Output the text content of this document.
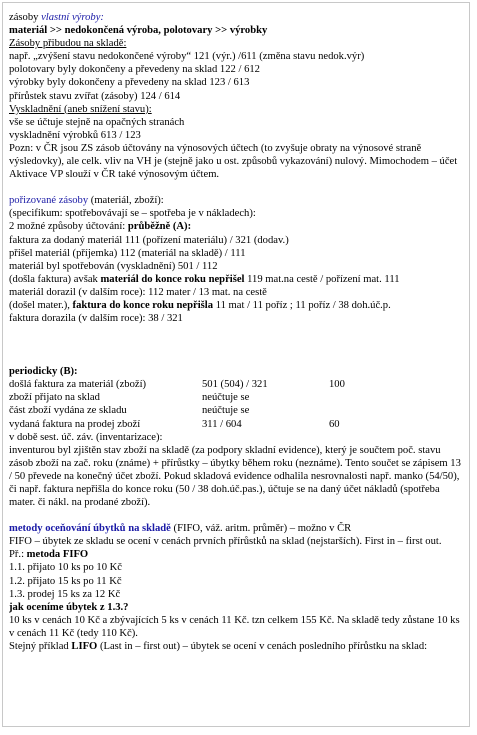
zásoby vlastní výroby:
materiál >> nedokončená výroba, polotovary >> výrobky
Zásoby přibudou na skladě:
např. „zvýšení stavu nedokončené výroby“ 121 (výr.) /611 (změna stavu nedok.výr)
polotovary byly dokončeny a převedeny na sklad 122 / 612
výrobky byly dokončeny a převedeny na sklad 123 / 613
přírůstek stavu zvířat (zásoby) 124 / 614
Vyskladnění (aneb snížení stavu):
vše se účtuje stejně na opačných stranách
vyskladnění výrobků 613 / 123
Pozn: v ČR jsou ZS zásob účtovány na výnosových účtech (to zvyšuje obraty na výnosové straně výsledovky), ale celk. vliv na VH je (stejně jako u ost. způsobů vykazování) nulový. Mimochodem – účet Aktivace VP slouží v ČR také výnosovým účtem.
pořizované zásoby (materiál, zboží):
(specifikum: spotřebovávají se – spotřeba je v nákladech):
2 možné způsoby účtování: průběžně (A):
faktura za dodaný materiál 111 (pořízení materiálu) / 321 (dodav.)
přišel materiál (příjemka) 112 (materiál na skladě) / 111
materiál byl spotřebován (vyskladnění) 501 / 112
(došla faktura) avšak materiál do konce roku nepřišel 119 mat.na cestě / pořízení mat. 111
materiál dorazil (v dalším roce): 112 mater / 13 mat. na cestě
(došel mater.), faktura do konce roku nepřišla 11 mat / 11 poříz ; 11 poříz / 38 doh.úč.p.
faktura dorazila (v dalším roce): 38 / 321
periodicky (B):
došlá faktura za materiál (zboží)	501 (504) / 321	100
zboží přijato na sklad	neúčtuje se
část zboží vydána ze skladu	neúčtuje se
vydaná faktura na prodej zboží	311 / 604	60
v době sest. úč. záv. (inventarizace):
inventurou byl zjištěn stav zboží na skladě (za podpory skladní evidence), který je součtem poč. stavu zásob zboží na zač. roku (známe) + přírůstky – úbytky během roku (neznáme). Tento součet se zápisem 13 / 50 převede na konečný účet zboží. Pokud skladová evidence odhalila nesrovnalosti např. manko (54/50), či např. faktura nepřišla do konce roku (50 / 38 doh.úč.pas.), účtuje se na daný účet nákladů (spotřeba mater. či nákl. na prodané zboží).
metody oceňování úbytků na skladě (FIFO, váž. aritm. průměr) – možno v ČR
FIFO – úbytek ze skladu se ocení v cenách prvních přírůstků na sklad (nejstarších). First in – first out.
Př.: metoda FIFO
1.1. přijato 10 ks po 10 Kč
1.2. přijato 15 ks po 11 Kč
1.3. prodej 15 ks za 12 Kč
jak oceníme úbytek z 1.3.?
10 ks v cenách 10 Kč a zbývajících 5 ks v cenách 11 Kč. tzn celkem 155 Kč. Na skladě tedy zůstane 10 ks v cenách 11 Kč (tedy 110 Kč).
Stejný příklad LIFO (Last in – first out) – úbytek se ocení v cenách posledního přírůstku na sklad:
